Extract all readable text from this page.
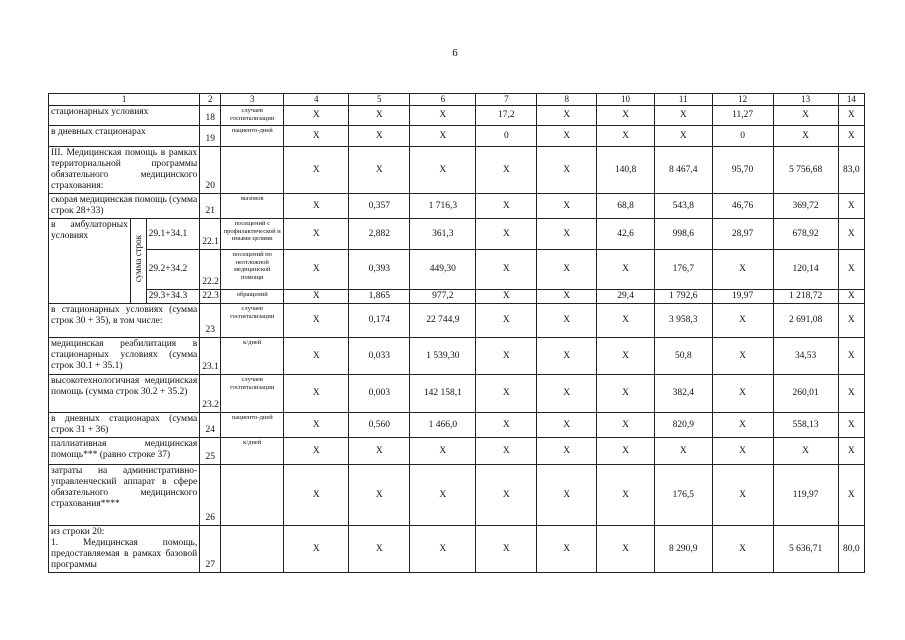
6
1			2	3	4	5	6	7	8	10	11	12	13	14
стационарных условиях			18	случаев госпитализации	X	X	X	17,2	X	X	X	11,27	X	X
в дневных стационарах			19	пациенто-дней	X	X	X	0	X	X	X	0	X	X
III. Медицинская помощь в рамках территориальной программы обязательного медицинского страхования:			20		X	X	X	X	X	140,8	8 467,4	95,70	5 756,68	83,0
скорая медицинская помощь (сумма строк 28+33)			21	вызовов	X	0,357	1 716,3	X	X	68,8	543,8	46,76	369,72	X
в амбулаторных условиях	сумма строк	29.1+34.1	22.1	посещений с профилактической и иными целями	X	2,882	361,3	X	X	42,6	998,6	28,97	678,92	X
		29.2+34.2	22.2	посещений по неотложной медицинской помощи	X	0,393	449,30	X	X	X	176,7	X	120,14	X
		29.3+34.3	22.3	обращений	X	1,865	977,2	X	X	29,4	1 792,6	19,97	1 218,72	X
в стационарных условиях (сумма строк 30 + 35), в том числе:			23	случаев госпитализации	X	0,174	22 744,9	X	X	X	3 958,3	X	2 691,08	X
медицинская реабилитация в стационарных условиях (сумма строк 30.1 + 35.1)			23.1	к/дней	X	0,033	1 539,30	X	X	X	50,8	X	34,53	X
высокотехнологичная медицинская помощь (сумма строк 30.2 + 35.2)			23.2	случаев госпитализации	X	0,003	142 158,1	X	X	X	382,4	X	260,01	X
в дневных стационарах (сумма строк 31 + 36)			24	пациенто-дней	X	0,560	1 466,0	X	X	X	820,9	X	558,13	X
паллиативная медицинская помощь*** (равно строке 37)			25	к/дней	X	X	X	X	X	X	X	X	X	X
затраты на административно-управленческий аппарат в сфере обязательного медицинского страхования****			26		X	X	X	X	X	X	176,5	X	119,97	X
из строки 20:
1. Медицинская помощь, предоставляемая в рамках базовой программы			27		X	X	X	X	X	X	8 290,9	X	5 636,71	80,0
